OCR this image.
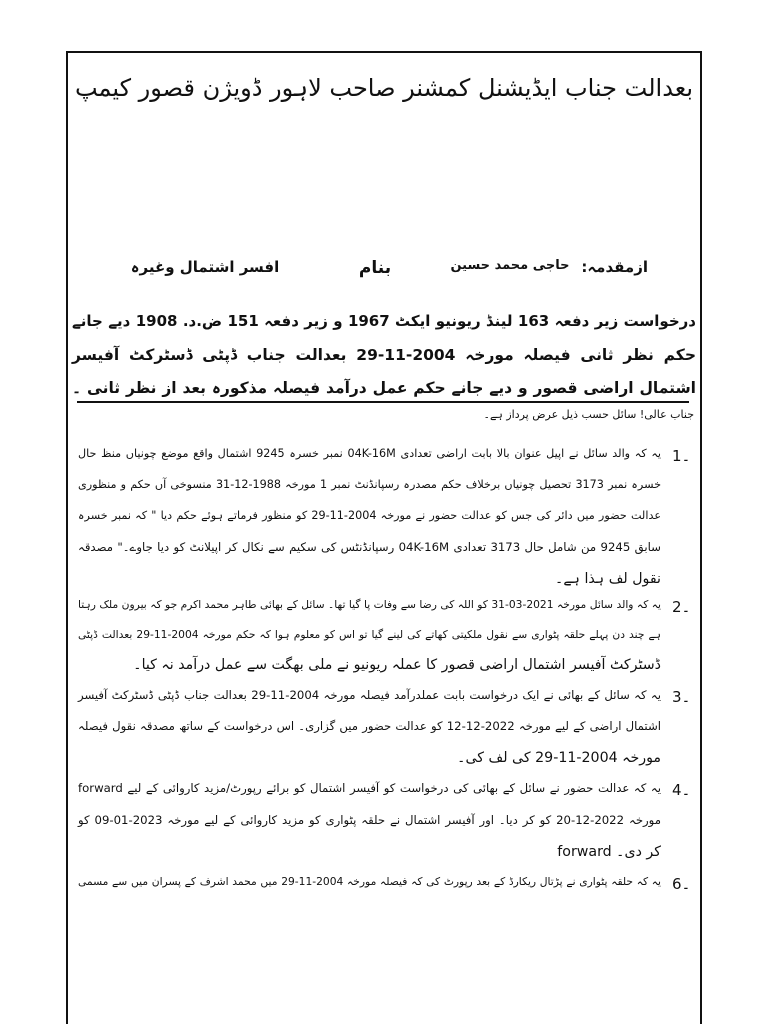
بعدالت جناب ایڈیشنل کمشنر صاحب لاہور ڈویژن قصور کیمپ
ازمقدمہ:
حاجی محمد حسین
بنام
افسر اشتمال وغیرہ
درخواست زیر دفعہ 163 لینڈ ریونیو ایکٹ 1967 و زیر دفعہ 151 ض.د. 1908 دیے جانے
حکم نظر ثانی فیصلہ مورخہ 2004-11-29 بعدالت جناب ڈپٹی ڈسٹرکٹ آفیسر
اشتمال اراضی قصور و دیے جانے حکم عمل درآمد فیصلہ مذکورہ بعد از نظر ثانی ۔
جناب عالی! سائل حسب ذیل عرض پرداز ہے۔
1۔
یہ کہ والد سائل نے اپیل عنوان بالا بابت اراضی تعدادی 04K-16M نمبر خسرہ 9245 اشتمال واقع موضع چونیاں منظ حال
خسرہ نمبر 3173 تحصیل چونیاں برخلاف حکم مصدرہ رسپانڈنٹ نمبر 1 مورخہ 1988-12-31 منسوخی آں حکم و منظوری
عدالت حضور میں دائر کی جس کو عدالت حضور نے مورخہ 2004-11-29 کو منظور فرماتے ہوئے حکم دیا " کہ نمبر خسرہ
سابق 9245 من شامل حال 3173 تعدادی 04K-16M رسپانڈنٹس کی سکیم سے نکال کر اپیلانٹ کو دیا جاوے۔" مصدقہ
نقول لف ہذا ہے۔
2۔
یہ کہ والد سائل مورخہ 2021-03-31 کو اللہ کی رضا سے وفات پا گیا تھا۔ سائل کے بھائی طاہر محمد اکرم جو کہ بیرون ملک رہتا
ہے چند دن پہلے حلقہ پٹواری سے نقول ملکیتی کھاتے کی لینے گیا تو اس کو معلوم ہوا کہ حکم مورخہ 2004-11-29 بعدالت ڈپٹی
ڈسٹرکٹ آفیسر اشتمال اراضی قصور کا عملہ ریونیو نے ملی بھگت سے عمل درآمد نہ کیا۔
3۔
یہ کہ سائل کے بھائی نے ایک درخواست بابت عملدرآمد فیصلہ مورخہ 2004-11-29 بعدالت جناب ڈپٹی ڈسٹرکٹ آفیسر
اشتمال اراضی کے لیے مورخہ 2022-12-12 کو عدالت حضور میں گزاری۔ اس درخواست کے ساتھ مصدقہ نقول فیصلہ
مورخہ 2004-11-29 کی لف کی۔
4۔
یہ کہ عدالت حضور نے سائل کے بھائی کی درخواست کو آفیسر اشتمال کو برائے رپورٹ/مزید کاروائی کے لیے forward
مورخہ 2022-12-20 کو کر دیا۔ اور آفیسر اشتمال نے حلقہ پٹواری کو مزید کاروائی کے لیے مورخہ 2023-01-09 کو
forward کر دی۔
6۔
یہ کہ حلقہ پٹواری نے پڑتال ریکارڈ کے بعد رپورٹ کی کہ فیصلہ مورخہ 2004-11-29 میں محمد اشرف کے پسران میں سے مسمی
